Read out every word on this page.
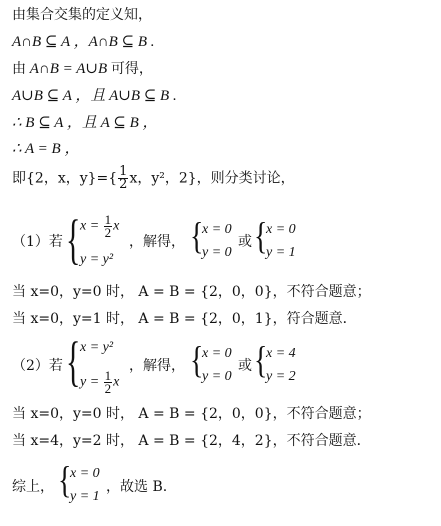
由集合交集的定义知，
A∩B ⊆ A ，A∩B ⊆ B .
由 A∩B = A∪B 可得，
A∪B ⊆ A ，且 A∪B ⊆ B .
∴ B ⊆ A ，且 A ⊆ B ，
∴ A = B ，
即{2，x，$y\}=\{ \frac{1}{2}$ x，y²，2}，则分类讨论，
（1）若 { $x = \frac{1}{2}$ x
y = y²
，解得， {
x = 0
y = 0
或 {
x = 0
y = 1
当 x=0，y=0 时， A = B = {2，0，0}，不符合题意；
当 x=0，y=1 时， A = B = {2，0，1}，符合题意．
（2）若 { x = y²
$y = \frac{1}{2}$ x
，解得， {
x = 0
y = 0
或 {
x = 4
y = 2
当 x=0，y=0 时， A = B = {2，0，0}，不符合题意；
当 x=4，y=2 时， A = B = {2，4，2}，不符合题意．
综上， {
x = 0
y = 1
，故选 B.
